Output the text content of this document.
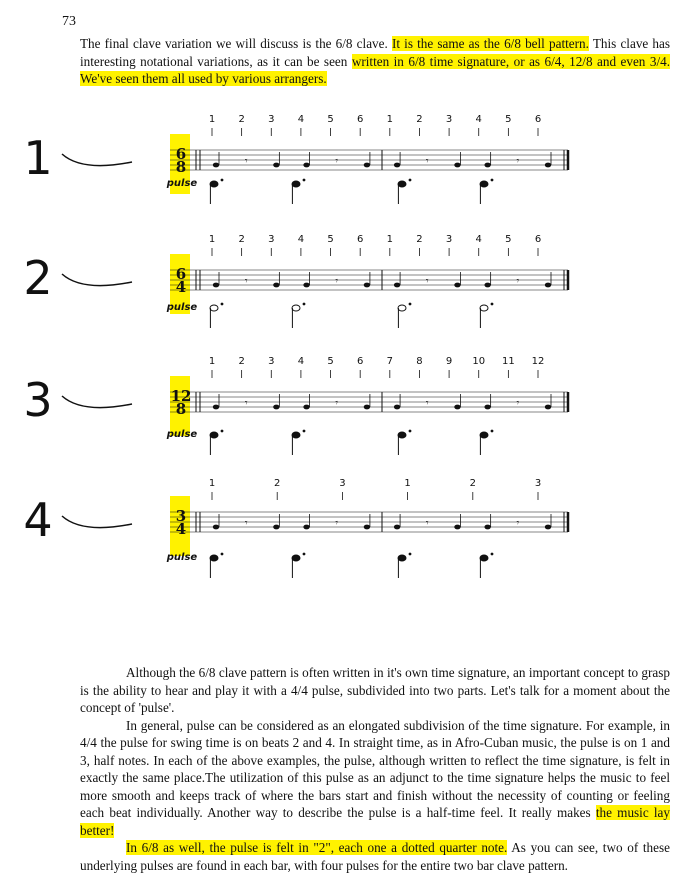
73
The final clave variation we will discuss is the 6/8 clave. It is the same as the 6/8 bell pattern. This clave has interesting notational variations, as it can be seen written in 6/8 time signature, or as 6/4, 12/8 and even 3/4. We've seen them all used by various arrangers.
1	6
8
1 2 3 4 5 6 1 2 3 4 5 6
𝄾	𝄾	𝄾	𝄾
pulse
2	6
4
1 2 3 4 5 6 1 2 3 4 5 6
𝄾	𝄾	𝄾	𝄾
pulse
3	12
8
1 2 3 4 5 6 7 8 9 10 11 12
𝄾	𝄾	𝄾	𝄾
pulse
4	3
4
1	2	3	1	2	3
𝄾	𝄾	𝄾	𝄾
pulse

Although the 6/8 clave pattern is often written in it's own time signature, an important concept to grasp is the ability to hear and play it with a 4/4 pulse, subdivided into two parts. Let's talk for a moment about the concept of 'pulse'.

In general, pulse can be considered as an elongated subdivision of the time signature. For example, in 4/4 the pulse for swing time is on beats 2 and 4. In straight time, as in Afro-Cuban music, the pulse is on 1 and 3, half notes. In each of the above examples, the pulse, although written to reflect the time signature, is felt in exactly the same place.The utilization of this pulse as an adjunct to the time signature helps the music to feel more smooth and keeps track of where the bars start and finish without the necessity of counting or feeling each beat individually. Another way to describe the pulse is a half-time feel. It really makes the music lay better!

In 6/8 as well, the pulse is felt in "2", each one a dotted quarter note. As you can see, two of these underlying pulses are found in each bar, with four pulses for the entire two bar clave pattern.
